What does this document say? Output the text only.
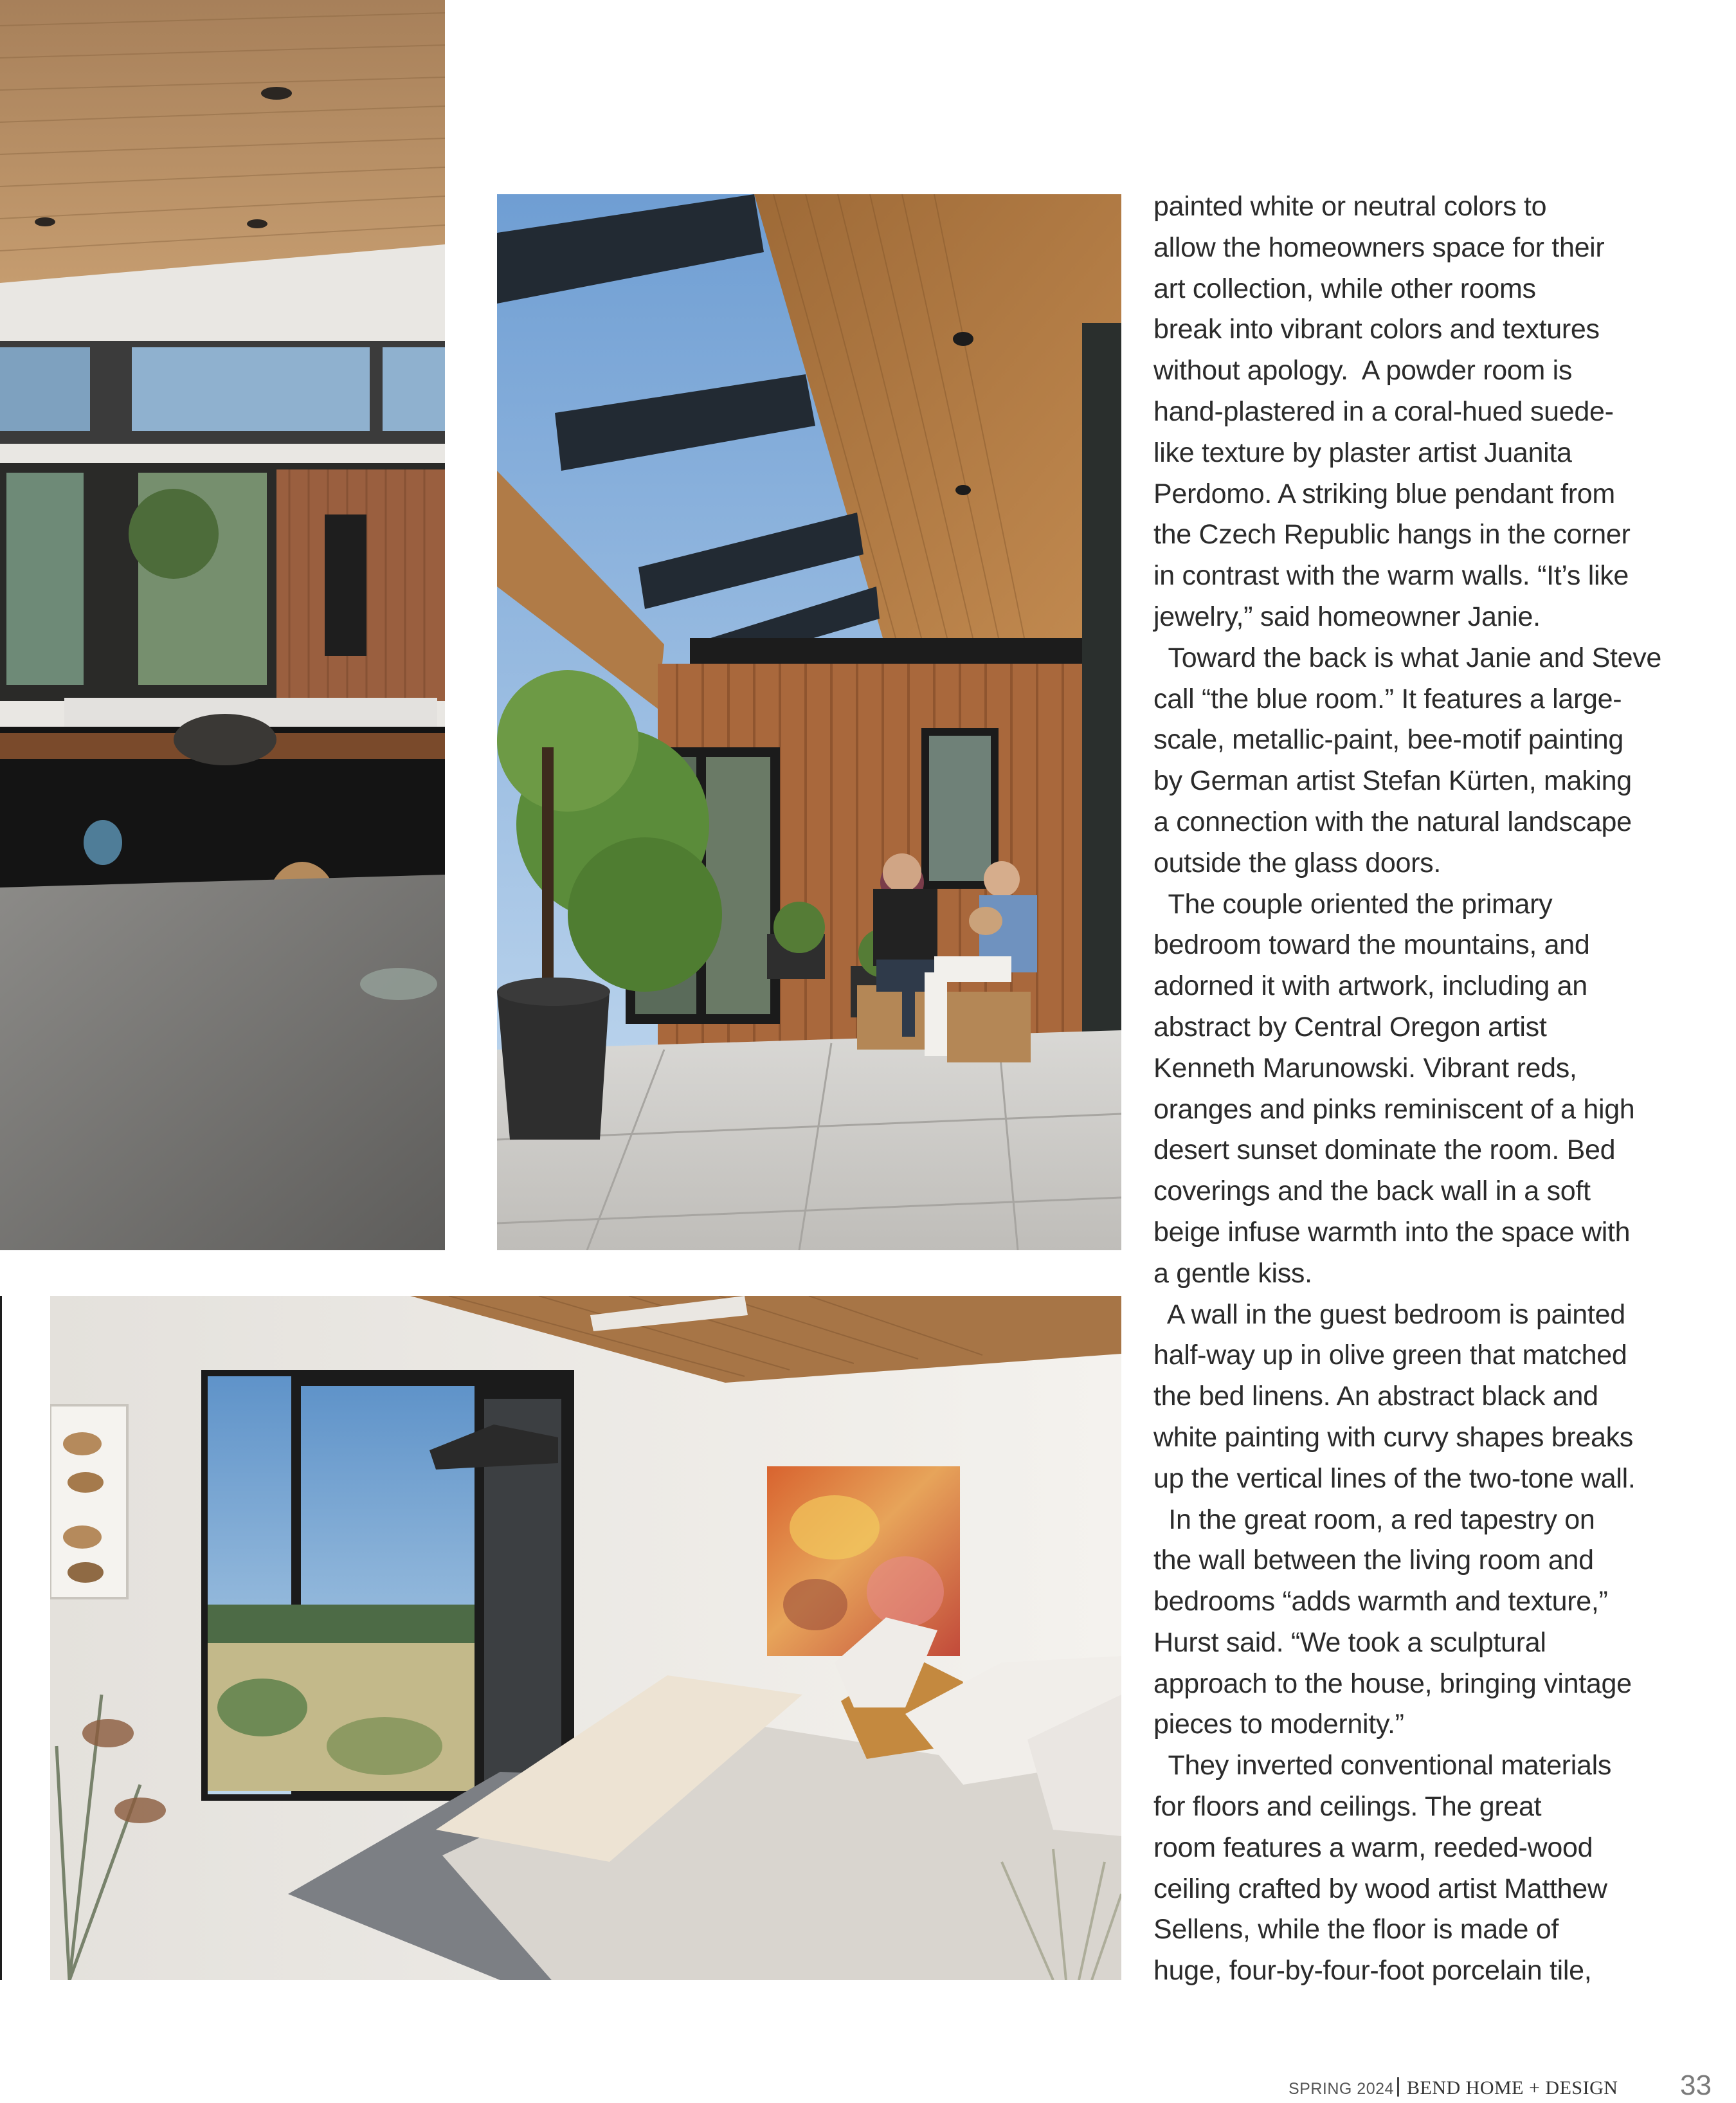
painted white or neutral colors to
allow the homeowners space for their
art collection, while other rooms
break into vibrant colors and textures
without apology.  A powder room is
hand-plastered in a coral-hued suede-
like texture by plaster artist Juanita
Perdomo. A striking blue pendant from
the Czech Republic hangs in the corner
in contrast with the warm walls. “It’s like
jewelry,” said homeowner Janie.
Toward the back is what Janie and Steve
call “the blue room.” It features a large-
scale, metallic-paint, bee-motif painting
by German artist Stefan Kürten, making
a connection with the natural landscape
outside the glass doors.
The couple oriented the primary
bedroom toward the mountains, and
adorned it with artwork, including an
abstract by Central Oregon artist
Kenneth Marunowski. Vibrant reds,
oranges and pinks reminiscent of a high
desert sunset dominate the room. Bed
coverings and the back wall in a soft
beige infuse warmth into the space with
a gentle kiss.
A wall in the guest bedroom is painted
half-way up in olive green that matched
the bed linens. An abstract black and
white painting with curvy shapes breaks
up the vertical lines of the two-tone wall.
In the great room, a red tapestry on
the wall between the living room and
bedrooms “adds warmth and texture,”
Hurst said. “We took a sculptural
approach to the house, bringing vintage
pieces to modernity.”
They inverted conventional materials
for floors and ceilings. The great
room features a warm, reeded-wood
ceiling crafted by wood artist Matthew
Sellens, while the floor is made of
huge, four-by-four-foot porcelain tile,
SPRING 2024 BEND HOME + DESIGN 33
